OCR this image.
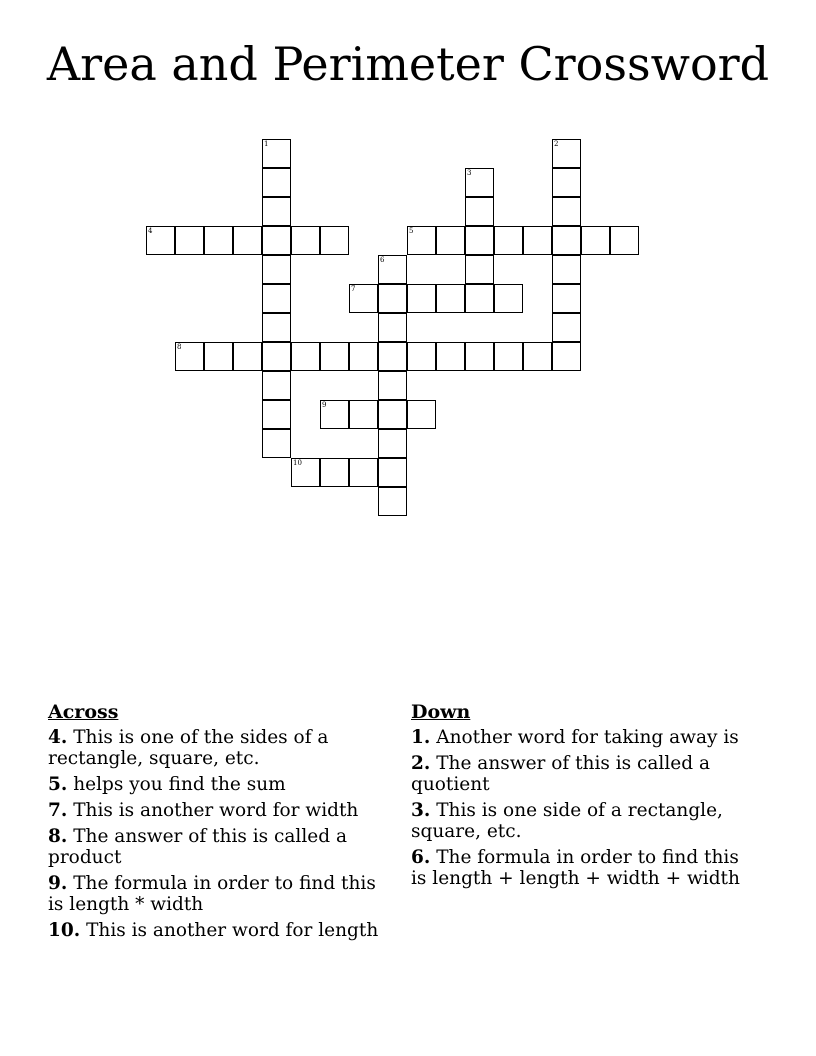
Area and Perimeter Crossword
1	2
3
4	5
6
7
8
9
10
Across
4. This is one of the sides of a rectangle, square, etc.
5. helps you find the sum
7. This is another word for width
8. The answer of this is called a product
9. The formula in order to find this is length * width
10. This is another word for length
Down
1. Another word for taking away is
2. The answer of this is called a quotient
3. This is one side of a rectangle, square, etc.
6. The formula in order to find this is length + length + width + width
